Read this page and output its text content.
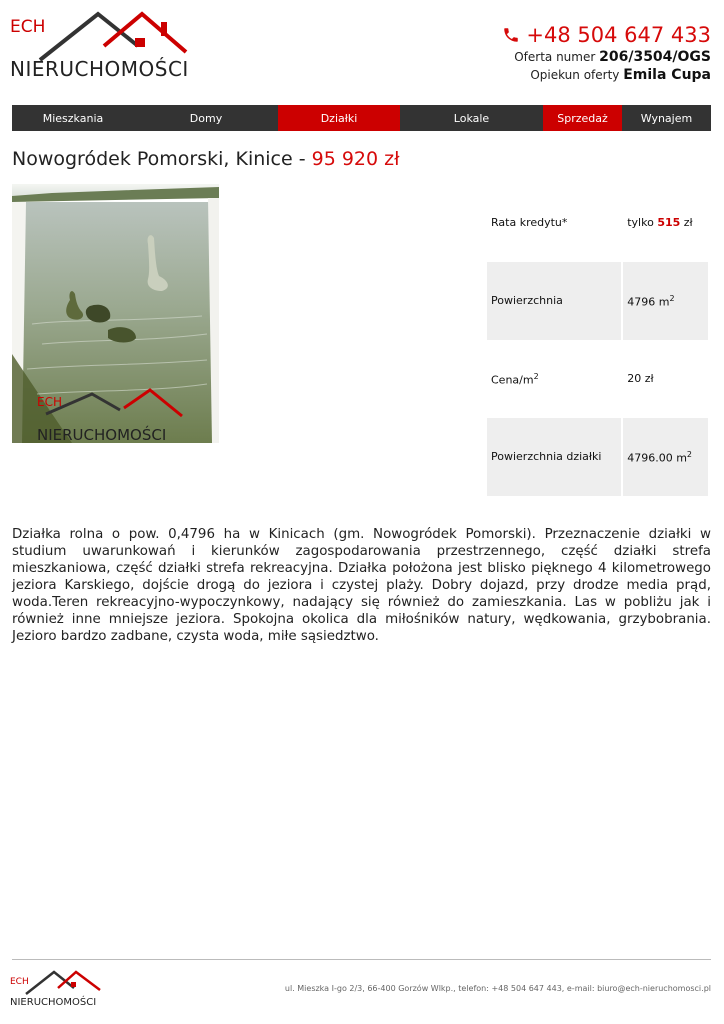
ECH
NIERUCHOMOŚCI
+48 504 647 433
Oferta numer 206/3504/OGS
Opiekun oferty Emila Cupa
Mieszkania	Domy	Działki	Lokale	Sprzedaż	Wynajem
Nowogródek Pomorski, Kinice - 95 920 zł
ECH
NIERUCHOMOŚCI
Rata kredytu*	tylko 515 zł
Powierzchnia	4796 $m^2$
Cena/$m^2$	20 zł
Powierzchnia działki	4796.00 $m^2$

Działka rolna o pow. 0,4796 ha w Kinicach (gm. Nowogródek Pomorski). Przeznaczenie działki w studium uwarunkowań i kierunków zagospodarowania przestrzennego, część działki strefa mieszkaniowa, część działki strefa rekreacyjna. Działka położona jest blisko pięknego 4 kilometrowego jeziora Karskiego, dojście drogą do jeziora i czystej plaży. Dobry dojazd, przy drodze media prąd, woda.Teren rekreacyjno-wypoczynkowy, nadający się również do zamieszkania. Las w pobliżu jak i również inne mniejsze jeziora. Spokojna okolica dla miłośników natury, wędkowania, grzybobrania. Jezioro bardzo zadbane, czysta woda, miłe sąsiedztwo.

ECH
NIERUCHOMOŚCI
ul. Mieszka I-go 2/3, 66-400 Gorzów Wlkp., telefon: +48 504 647 443, e-mail: biuro@ech-nieruchomosci.pl
